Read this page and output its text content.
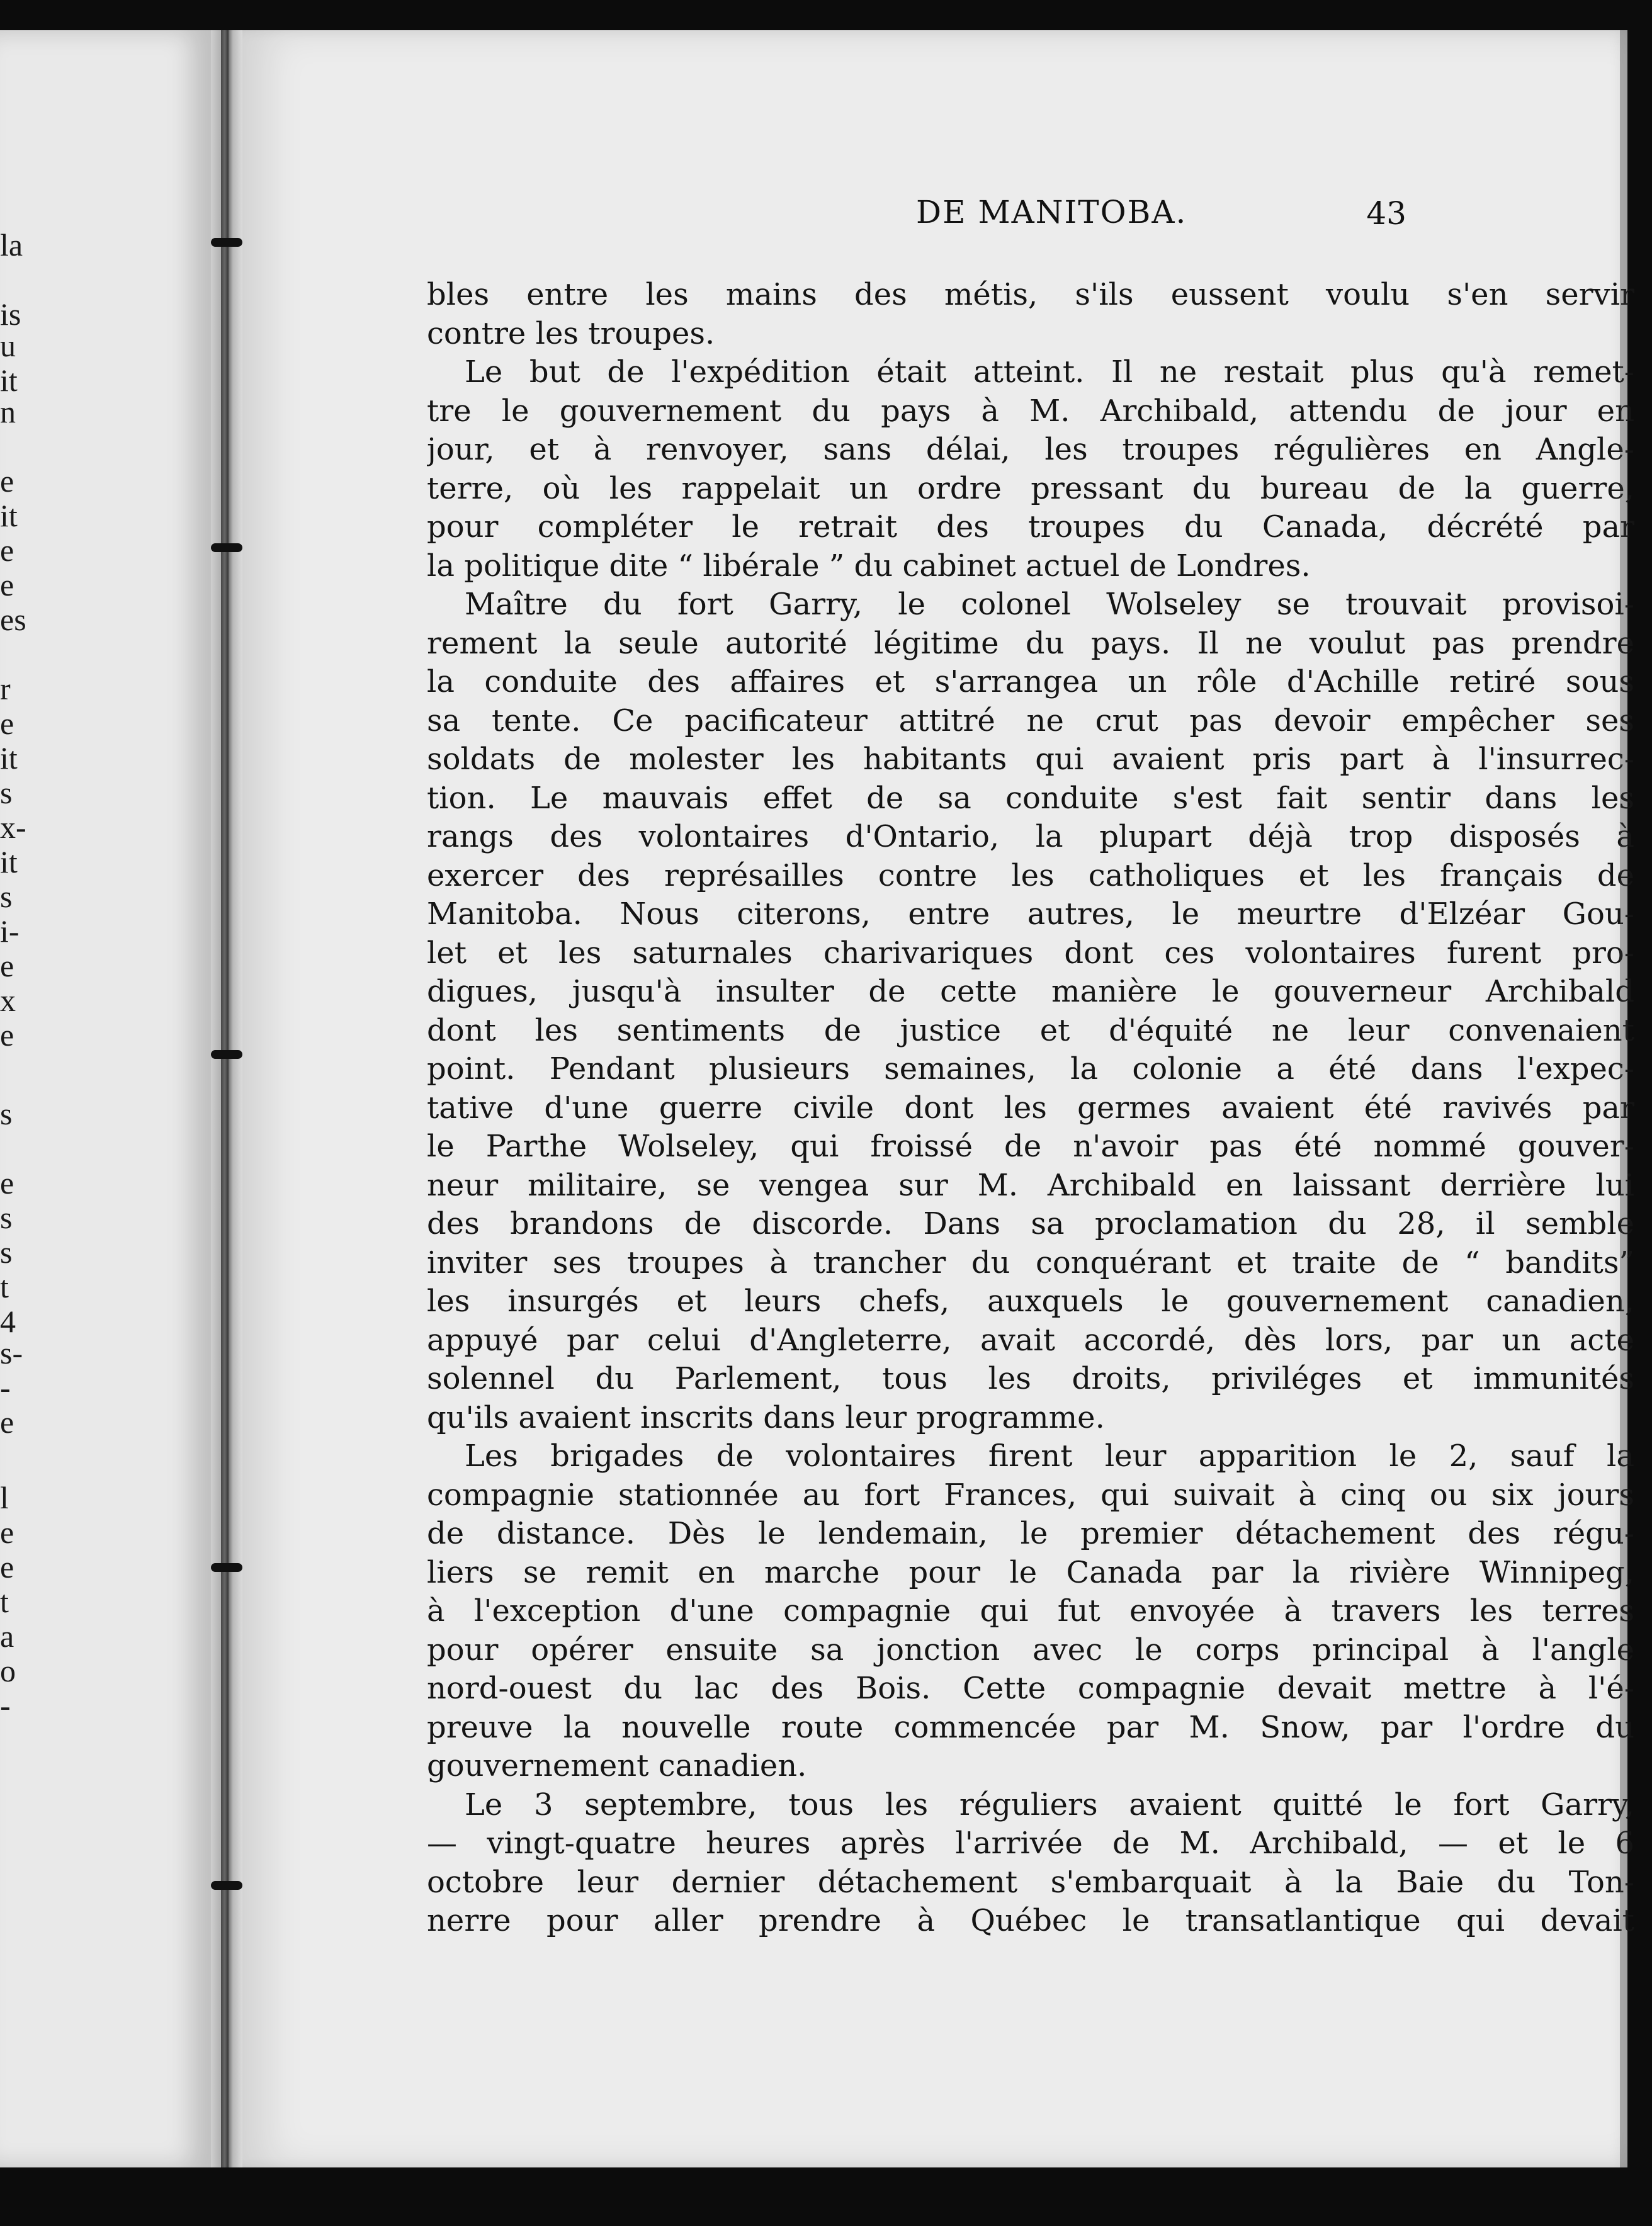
la
is
u
it
n
e
it
e
e
es
r
e
it
s
x-
it
s
i-
e
x
e
s
e
s
s
t
4
s-
-
e
l
e
e
t
a
o
-
DE MANITOBA.	43
bles entre les mains des métis, s'ils eussent voulu s'en servir
contre les troupes.
Le but de l'expédition était atteint. Il ne restait plus qu'à remet-
tre le gouvernement du pays à M. Archibald, attendu de jour en
jour, et à renvoyer, sans délai, les troupes régulières en Angle-
terre, où les rappelait un ordre pressant du bureau de la guerre,
pour compléter le retrait des troupes du Canada, décrété par
la politique dite “ libérale ” du cabinet actuel de Londres.
Maître du fort Garry, le colonel Wolseley se trouvait provisoi-
rement la seule autorité légitime du pays. Il ne voulut pas prendre
la conduite des affaires et s'arrangea un rôle d'Achille retiré sous
sa tente. Ce pacificateur attitré ne crut pas devoir empêcher ses
soldats de molester les habitants qui avaient pris part à l'insurrec-
tion. Le mauvais effet de sa conduite s'est fait sentir dans les
rangs des volontaires d'Ontario, la plupart déjà trop disposés à
exercer des représailles contre les catholiques et les français de
Manitoba. Nous citerons, entre autres, le meurtre d'Elzéar Gou-
let et les saturnales charivariques dont ces volontaires furent pro-
digues, jusqu'à insulter de cette manière le gouverneur Archibald
dont les sentiments de justice et d'équité ne leur convenaient
point. Pendant plusieurs semaines, la colonie a été dans l'expec-
tative d'une guerre civile dont les germes avaient été ravivés par
le Parthe Wolseley, qui froissé de n'avoir pas été nommé gouver-
neur militaire, se vengea sur M. Archibald en laissant derrière lui
des brandons de discorde. Dans sa proclamation du 28, il semble
inviter ses troupes à trancher du conquérant et traite de “ bandits”
les insurgés et leurs chefs, auxquels le gouvernement canadien,
appuyé par celui d'Angleterre, avait accordé, dès lors, par un acte
solennel du Parlement, tous les droits, priviléges et immunités
qu'ils avaient inscrits dans leur programme.
Les brigades de volontaires firent leur apparition le 2, sauf la
compagnie stationnée au fort Frances, qui suivait à cinq ou six jours
de distance. Dès le lendemain, le premier détachement des régu-
liers se remit en marche pour le Canada par la rivière Winnipeg,
à l'exception d'une compagnie qui fut envoyée à travers les terres
pour opérer ensuite sa jonction avec le corps principal à l'angle
nord-ouest du lac des Bois. Cette compagnie devait mettre à l'é-
preuve la nouvelle route commencée par M. Snow, par l'ordre du
gouvernement canadien.
Le 3 septembre, tous les réguliers avaient quitté le fort Garry,
— vingt-quatre heures après l'arrivée de M. Archibald, — et le 6
octobre leur dernier détachement s'embarquait à la Baie du Ton-
nerre pour aller prendre à Québec le transatlantique qui devait
